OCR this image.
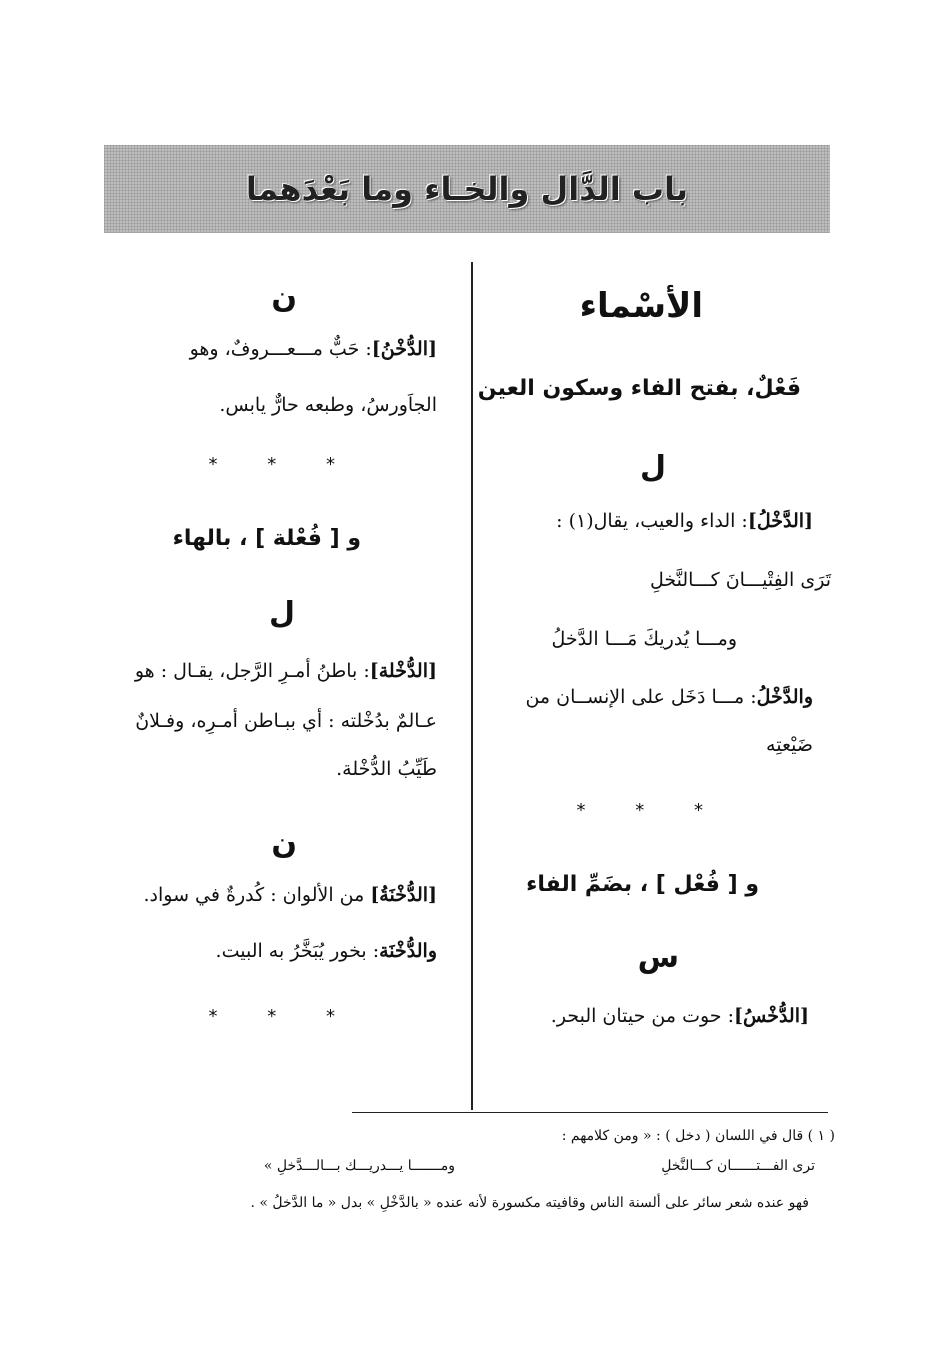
باب الدَّال والخـاء وما بَعْدَهما
الأسْماء
فَعْلٌ، بفتح الفاء وسكون العين
ل
[الدَّخْلُ]: الداء والعيب، يقال(١) :
تَرَى الفِتْيـــانَ كـــالنَّخلِ
ومـــا يُدريكَ مَـــا الدَّخلُ
والدَّخْلُ: مـــا دَخَل على الإنســان من
ضَيْعتِه
* * *
و [ فُعْل ] ، بضَمِّ الفاء
س
[الدُّخْسُ]: حوت من حيتان البحر.
ن
[الدُّخْنُ]: حَبٌّ مـــعـــروفٌ، وهو
الجاَورسُ، وطبعه حارٌّ يابس.
* * *
و [ فُعْلة ] ، بالهاء
ل
[الدُّخْلة]: باطنُ أمـرِ الرَّجل، يقـال : هو
عـالمٌ بدُخْلته : أي ببـاطن أمـرِه، وفـلانٌ
طَيِّبُ الدُّخْلة.
ن
[الدُّخْنَةُ] من الألوان : كُدرةٌ في سواد.
والدُّخْنَة: بخور يُبَخَّرُ به البيت.
* * *
( ١ ) قال في اللسان ( دخل ) : « ومن كلامهم :
ترى الفـــتــــــان كـــالنَّخلِ
ومـــــــا يـــدريـــك بـــالـــدَّخلِ »
فهو عنده شعر سائر على ألسنة الناس وقافيته مكسورة لأنه عنده « بالدَّخْلِ » بدل « ما الدَّخلُ » .
